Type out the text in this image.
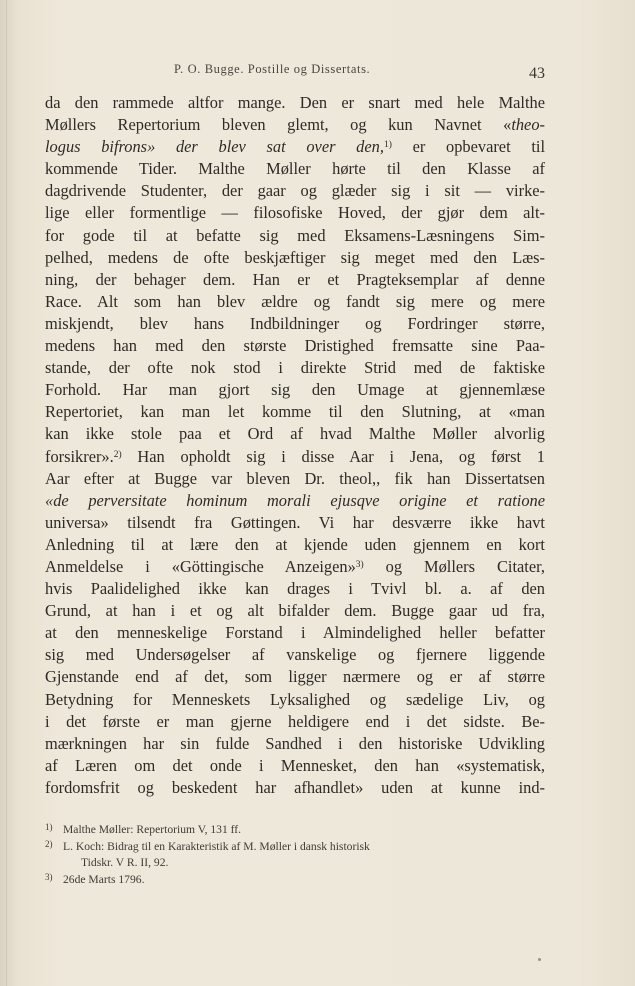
P. O. Bugge. Postille og Dissertats.	43
da den rammede altfor mange. Den er snart med hele Malthe
Møllers Repertorium bleven glemt, og kun Navnet «theo-
logus bifrons» der blev sat over den,$^{1)}$ er opbevaret til
kommende Tider. Malthe Møller hørte til den Klasse af
dagdrivende Studenter, der gaar og glæder sig i sit — virke-
lige eller formentlige — filosofiske Hoved, der gjør dem alt-
for gode til at befatte sig med Eksamens-Læsningens Sim-
pelhed, medens de ofte beskjæftiger sig meget med den Læs-
ning, der behager dem. Han er et Pragteksemplar af denne
Race. Alt som han blev ældre og fandt sig mere og mere
miskjendt, blev hans Indbildninger og Fordringer større,
medens han med den største Dristighed fremsatte sine Paa-
stande, der ofte nok stod i direkte Strid med de faktiske
Forhold. Har man gjort sig den Umage at gjennemlæse
Repertoriet, kan man let komme til den Slutning, at «man
kan ikke stole paa et Ord af hvad Malthe Møller alvorlig
forsikrer».$^{2)}$ Han opholdt sig i disse Aar i Jena, og først 1
Aar efter at Bugge var bleven Dr. theol,, fik han Dissertatsen
«de perversitate hominum morali ejusqve origine et ratione
universa» tilsendt fra Gøttingen. Vi har desværre ikke havt
Anledning til at lære den at kjende uden gjennem en kort
Anmeldelse i «Göttingische Anzeigen»$^{3)}$ og Møllers Citater,
hvis Paalidelighed ikke kan drages i Tvivl bl. a. af den
Grund, at han i et og alt bifalder dem. Bugge gaar ud fra,
at den menneskelige Forstand i Almindelighed heller befatter
sig med Undersøgelser af vanskelige og fjernere liggende
Gjenstande end af det, som ligger nærmere og er af større
Betydning for Menneskets Lyksalighed og sædelige Liv, og
i det første er man gjerne heldigere end i det sidste. Be-
mærkningen har sin fulde Sandhed i den historiske Udvikling
af Læren om det onde i Mennesket, den han «systematisk,
fordomsfrit og beskedent har afhandlet» uden at kunne ind-
1) Malthe Møller: Repertorium V, 131 ff.
2) L. Koch: Bidrag til en Karakteristik af M. Møller i dansk historisk
Tidskr. V R. II, 92.
3) 26de Marts 1796.
